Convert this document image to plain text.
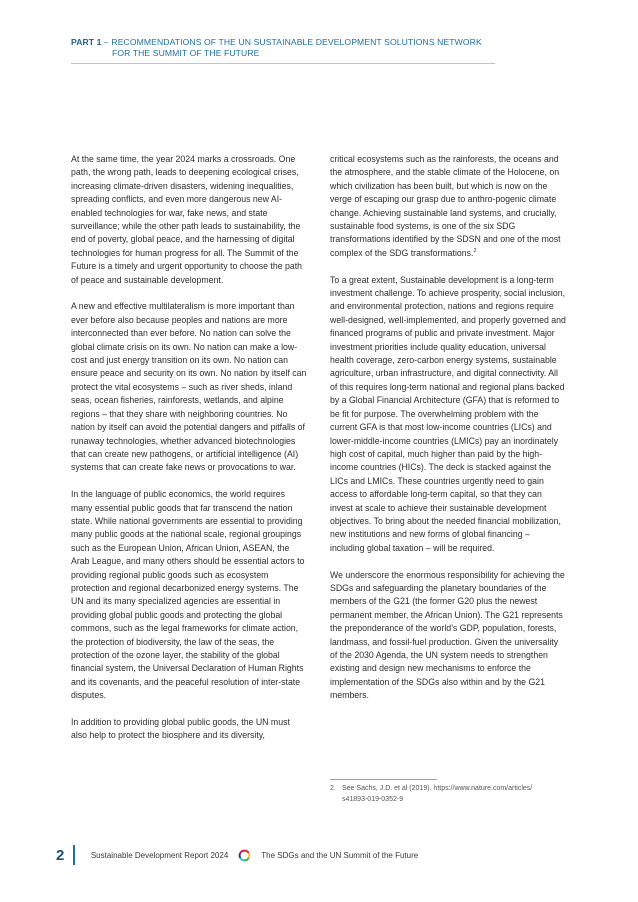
PART 1 – RECOMMENDATIONS OF THE UN SUSTAINABLE DEVELOPMENT SOLUTIONS NETWORK
FOR THE SUMMIT OF THE FUTURE

At the same time, the year 2024 marks a crossroads. One path, the wrong path, leads to deepening ecological crises, increasing climate-driven disasters, widening inequalities, spreading conflicts, and even more dangerous new AI-enabled technologies for war, fake news, and state surveillance; while the other path leads to sustainability, the end of poverty, global peace, and the harnessing of digital technologies for human progress for all. The Summit of the Future is a timely and urgent opportunity to choose the path of peace and sustainable development.

A new and effective multilateralism is more important than ever before also because peoples and nations are more interconnected than ever before. No nation can solve the global climate crisis on its own. No nation can make a low-cost and just energy transition on its own. No nation can ensure peace and security on its own. No nation by itself can protect the vital ecosystems – such as river sheds, inland seas, ocean fisheries, rainforests, wetlands, and alpine regions – that they share with neighboring countries. No nation by itself can avoid the potential dangers and pitfalls of runaway technologies, whether advanced biotechnologies that can create new pathogens, or artificial intelligence (AI) systems that can create fake news or provocations to war.

In the language of public economics, the world requires many essential public goods that far transcend the nation state. While national governments are essential to providing many public goods at the national scale, regional groupings such as the European Union, African Union, ASEAN, the Arab League, and many others should be essential actors to providing regional public goods such as ecosystem protection and regional decarbonized energy systems. The UN and its many specialized agencies are essential in providing global public goods and protecting the global commons, such as the legal frameworks for climate action, the protection of biodiversity, the law of the seas, the protection of the ozone layer, the stability of the global financial system, the Universal Declaration of Human Rights and its covenants, and the peaceful resolution of inter-state disputes.

In addition to providing global public goods, the UN must also help to protect the biosphere and its diversity,

critical ecosystems such as the rainforests, the oceans and the atmosphere, and the stable climate of the Holocene, on which civilization has been built, but which is now on the verge of escaping our grasp due to anthro-pogenic climate change. Achieving sustainable land systems, and crucially, sustainable food systems, is one of the six SDG transformations identified by the SDSN and one of the most complex of the SDG transformations.$^2$

To a great extent, Sustainable development is a long-term investment challenge. To achieve prosperity, social inclusion, and environmental protection, nations and regions require well-designed, well-implemented, and properly governed and financed programs of public and private investment. Major investment priorities include quality education, universal health coverage, zero-carbon energy systems, sustainable agriculture, urban infrastructure, and digital connectivity. All of this requires long-term national and regional plans backed by a Global Financial Architecture (GFA) that is reformed to be fit for purpose. The overwhelming problem with the current GFA is that most low-income countries (LICs) and lower-middle-income countries (LMICs) pay an inordinately high cost of capital, much higher than paid by the high-income countries (HICs). The deck is stacked against the LICs and LMICs. These countries urgently need to gain access to affordable long-term capital, so that they can invest at scale to achieve their sustainable development objectives. To bring about the needed financial mobilization, new institutions and new forms of global financing – including global taxation – will be required.

We underscore the enormous responsibility for achieving the SDGs and safeguarding the planetary boundaries of the members of the G21 (the former G20 plus the newest permanent member, the African Union). The G21 represents the preponderance of the world’s GDP, population, forests, landmass, and fossil-fuel production. Given the universality of the 2030 Agenda, the UN system needs to strengthen existing and design new mechanisms to enforce the implementation of the SDGs also within and by the G21 members.

2. See Sachs, J.D. et al (2019). https://www.nature.com/articles/
s41893-019-0352-9
2	Sustainable Development Report 2024	The SDGs and the UN Summit of the Future
